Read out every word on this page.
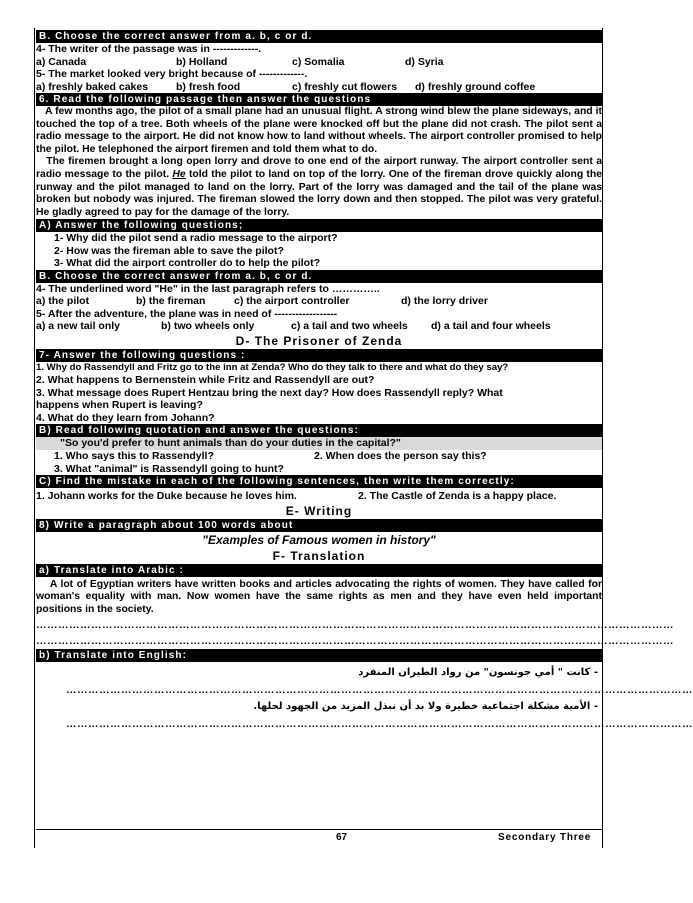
B. Choose the correct answer from a. b, c or d.
4- The writer of the passage was in -------------.
a) Canada	b) Holland	c) Somalia	d) Syria
5- The market looked very bright because of -------------.
a) freshly baked cakes	b) fresh food	c) freshly cut flowers	d) freshly ground coffee
6. Read the following passage then answer the questions
A few months ago, the pilot of a small plane had an unusual flight. A strong wind blew the plane sideways, and it touched the top of a tree. Both wheels of the plane were knocked off but the plane did not crash. The pilot sent a radio message to the airport. He did not know how to land without wheels. The airport controller promised to help the pilot. He telephoned the airport firemen and told them what to do.
The firemen brought a long open lorry and drove to one end of the airport runway. The airport controller sent a radio message to the pilot. He told the pilot to land on top of the lorry. One of the fireman drove quickly along the runway and the pilot managed to land on the lorry. Part of the lorry was damaged and the tail of the plane was broken but nobody was injured. The fireman slowed the lorry down and then stopped. The pilot was very grateful. He gladly agreed to pay for the damage of the lorry.
A) Answer the following questions;
1- Why did the pilot send a radio message to the airport?
2- How was the fireman able to save the pilot?
3- What did the airport controller do to help the pilot?
B. Choose the correct answer from a. b, c or d.
4- The underlined word "He" in the last paragraph refers to …………..
a) the pilot	b) the fireman	c) the airport controller	d) the lorry driver
5- After the adventure, the plane was in need of ------------------
a) a new tail only	b) two wheels only	c) a tail and two wheels	d) a tail and four wheels
D- The Prisoner of Zenda
7- Answer the following questions :
1. Why do Rassendyll and Fritz go to the inn at Zenda? Who do they talk to there and what do they say?
2. What happens to Bernenstein while Fritz and Rassendyll are out?
3. What message does Rupert Hentzau bring the next day? How does Rassendyll reply? What
happens when Rupert is leaving?
4. What do they learn from Johann?
B) Read following quotation and answer the questions:
"So you'd prefer to hunt animals than do your duties in the capital?"
1. Who says this to Rassendyll?	2. When does the person say this?
3. What "animal" is Rassendyll going to hunt?
C) Find the mistake in each of the following sentences, then write them correctly:
1. Johann works for the Duke because he loves him.	2. The Castle of Zenda is a happy place.
E- Writing
8) Write a paragraph about 100 words about
"Examples of Famous women in history"
F- Translation
a) Translate into Arabic :
A lot of Egyptian writers have written books and articles advocating the rights of women. They have called for woman's equality with man. Now women have the same rights as men and they have even held important positions in the society.
…………………………………………………………………………………………………………………………………………………………
…………………………………………………………………………………………………………………………………………………………
b) Translate into English:
- كانت " أمي جونسون" من رواد الطيران المنفرد
………………………………………………………………………………………………………………………………………………………
- الأمية مشكلة اجتماعية خطيرة ولا بد أن نبذل المزيد من الجهود لحلها.
………………………………………………………………………………………………………………………………………………………
67	Secondary Three
